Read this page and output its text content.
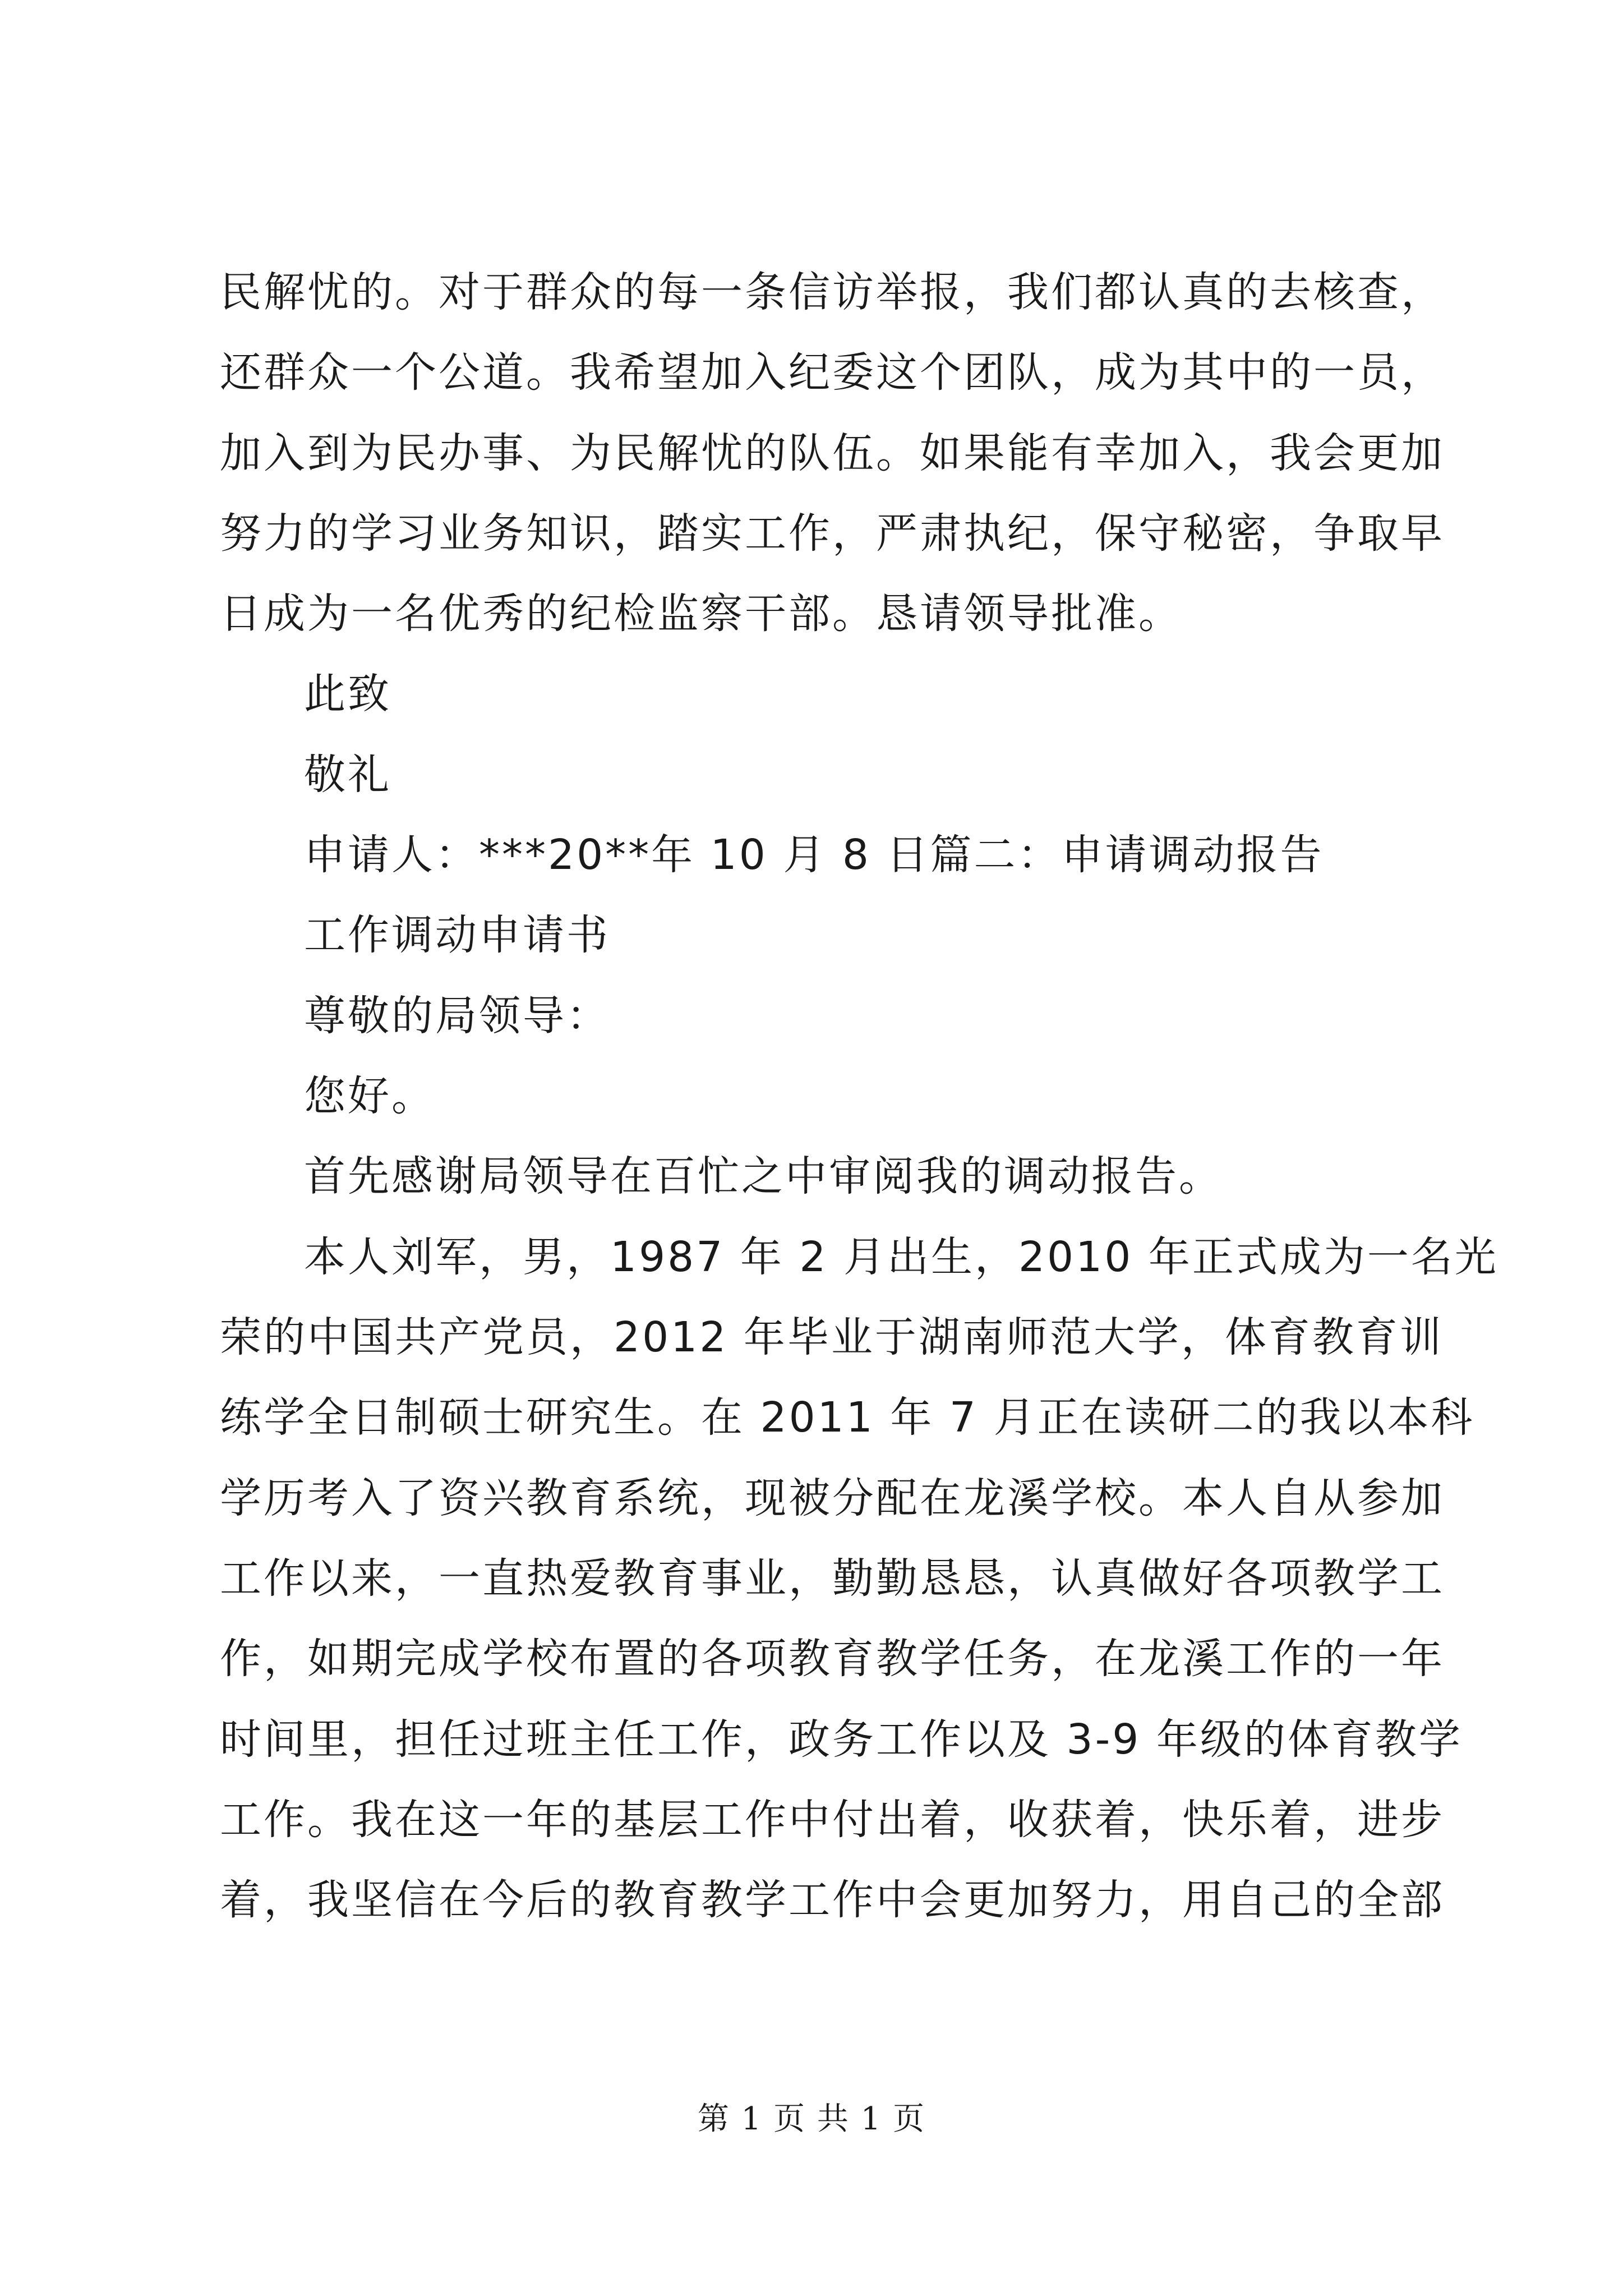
民解忧的。对于群众的每一条信访举报，我们都认真的去核查，
还群众一个公道。我希望加入纪委这个团队，成为其中的一员，
加入到为民办事、为民解忧的队伍。如果能有幸加入，我会更加
努力的学习业务知识，踏实工作，严肃执纪，保守秘密，争取早
日成为一名优秀的纪检监察干部。恳请领导批准。
此致
敬礼
申请人：***20**年 10 月 8 日篇二：申请调动报告
工作调动申请书
尊敬的局领导：
您好。
首先感谢局领导在百忙之中审阅我的调动报告。
本人刘军，男，1987 年 2 月出生，2010 年正式成为一名光
荣的中国共产党员，2012 年毕业于湖南师范大学，体育教育训
练学全日制硕士研究生。在 2011 年 7 月正在读研二的我以本科
学历考入了资兴教育系统，现被分配在龙溪学校。本人自从参加
工作以来，一直热爱教育事业，勤勤恳恳，认真做好各项教学工
作，如期完成学校布置的各项教育教学任务，在龙溪工作的一年
时间里，担任过班主任工作，政务工作以及 3-9 年级的体育教学
工作。我在这一年的基层工作中付出着，收获着，快乐着，进步
着，我坚信在今后的教育教学工作中会更加努力，用自己的全部
第 1 页 共 1 页
